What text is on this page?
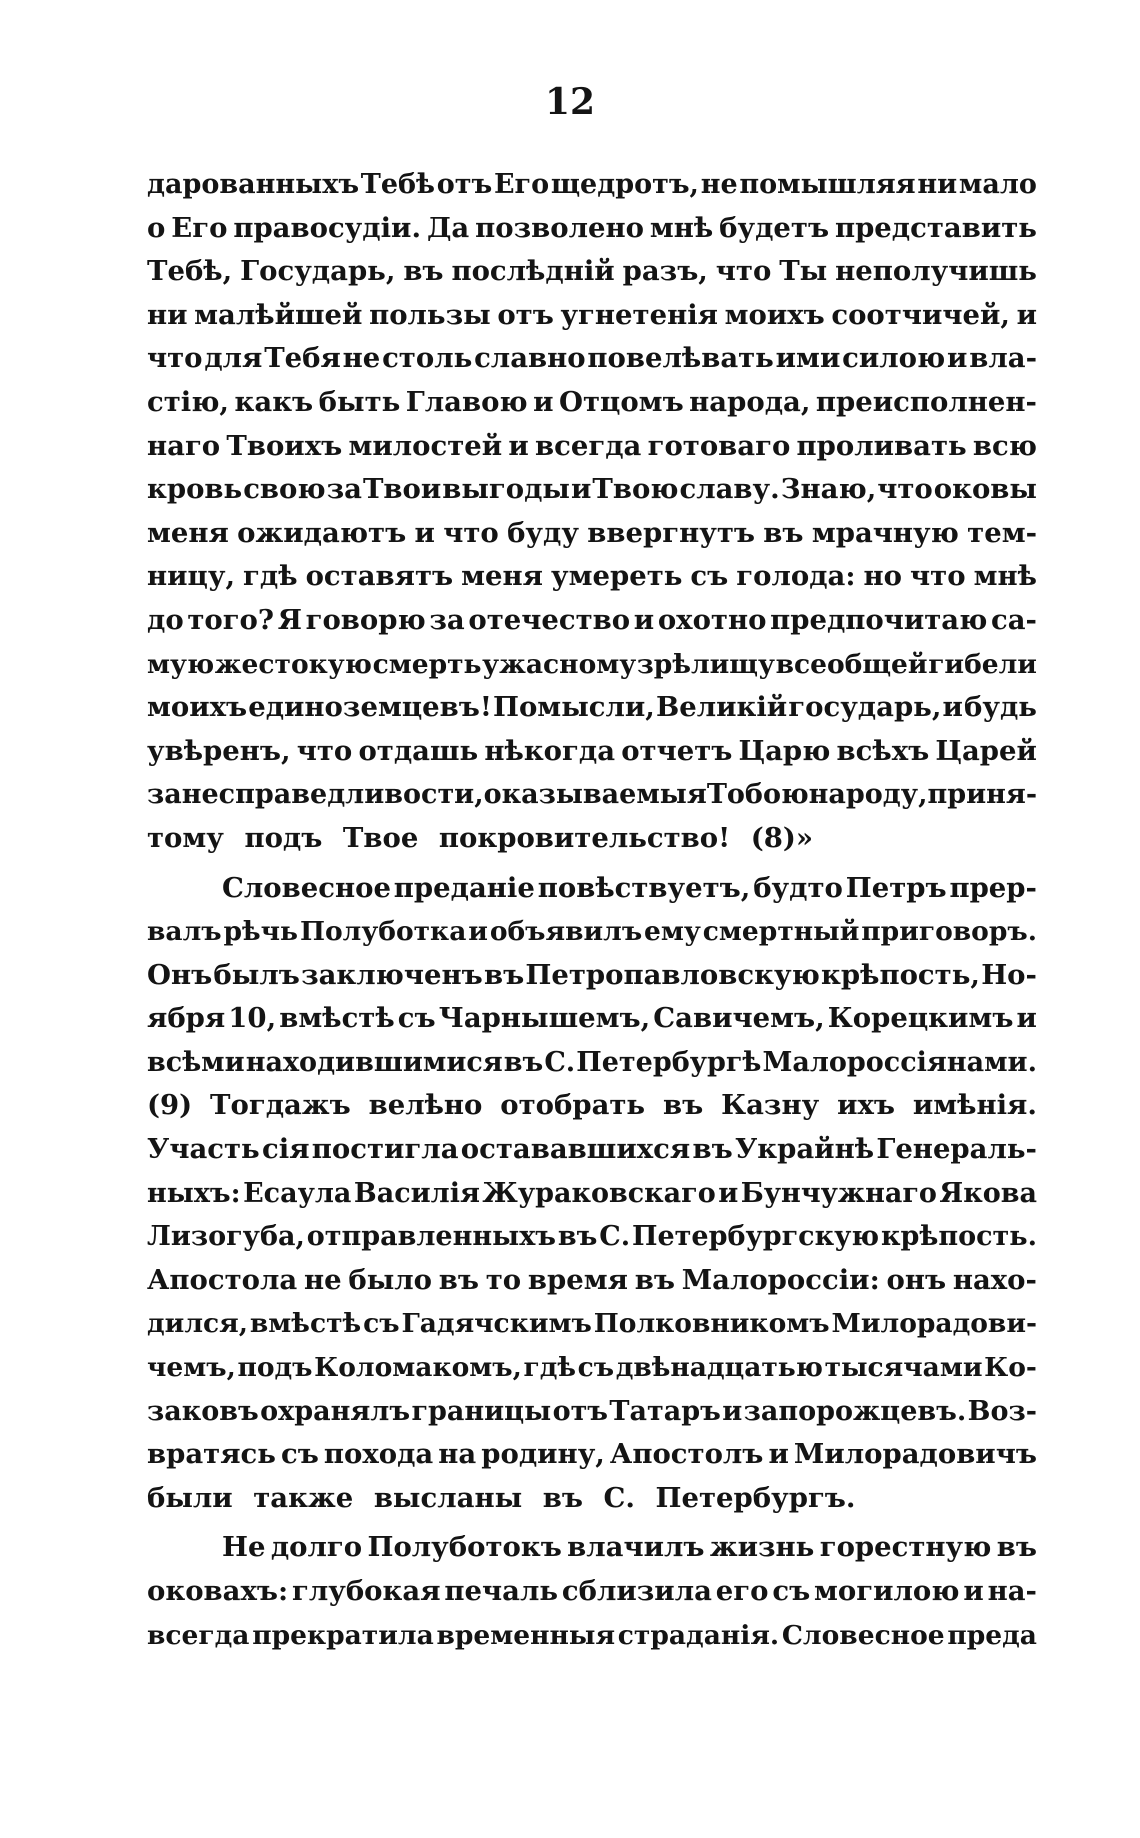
12
дарованныхъ Тебѣ отъ Его щедротъ, не помышляя ни мало
о Его правосудіи. Да позволено мнѣ будетъ представить
Тебѣ, Государь, въ послѣдній разъ, что Ты неполучишь
ни малѣйшей пользы отъ угнетенія моихъ соотчичей, и
что для Тебя не столь славно повелѣвать ими силою и вла-
стію, какъ быть Главою и Отцомъ народа, преисполнен-
наго Твоихъ милостей и всегда готоваго проливать всю
кровь свою за Твои выгоды и Твою славу. Знаю, что оковы
меня ожидаютъ и что буду ввергнутъ въ мрачную тем-
ницу, гдѣ оставятъ меня умереть съ голода: но что мнѣ
до того? Я говорю за отечество и охотно предпочитаю са-
мую жестокую смерть ужасному зрѣлищу всеобщей гибели
моихъ единоземцевъ! Помысли, Великій государь, и будь
увѣренъ, что отдашь нѣкогда отчетъ Царю всѣхъ Царей
за несправедливости, оказываемыя Тобою народу, приня-
тому подъ Твое покровительство! (8)»
Словесное преданіе повѣствуетъ, будто Петръ прер-
валъ рѣчь Полуботка и объявилъ ему смертный приговоръ.
Онъ былъ заключенъ въ Петропавловскую крѣпость, Но-
ября 10, вмѣстѣ съ Чарнышемъ, Савичемъ, Корецкимъ и
всѣми находившимися въ С. Петербургѣ Малороссіянами.
(9) Тогдажъ велѣно отобрать въ Казну ихъ имѣнія.
Участь сія постигла остававшихся въ Украйнѣ Генераль-
ныхъ: Есаула Василія Жураковскаго и Бунчужнаго Якова
Лизогуба, отправленныхъ въ С. Петербургскую крѣпость.
Апостола не было въ то время въ Малороссіи: онъ нахо-
дился, вмѣстѣ съ Гадячскимъ Полковникомъ Милорадови-
чемъ, подъ Коломакомъ, гдѣ съ двѣнадцатью тысячами Ко-
заковъ охранялъ границы отъ Татаръ и запорожцевъ. Воз-
вратясь съ похода на родину, Апостолъ и Милорадовичъ
были также высланы въ С. Петербургъ.
Не долго Полуботокъ влачилъ жизнь горестную въ
оковахъ: глубокая печаль сблизила его съ могилою и на-
всегда прекратила временныя страданія. Словесное преда
